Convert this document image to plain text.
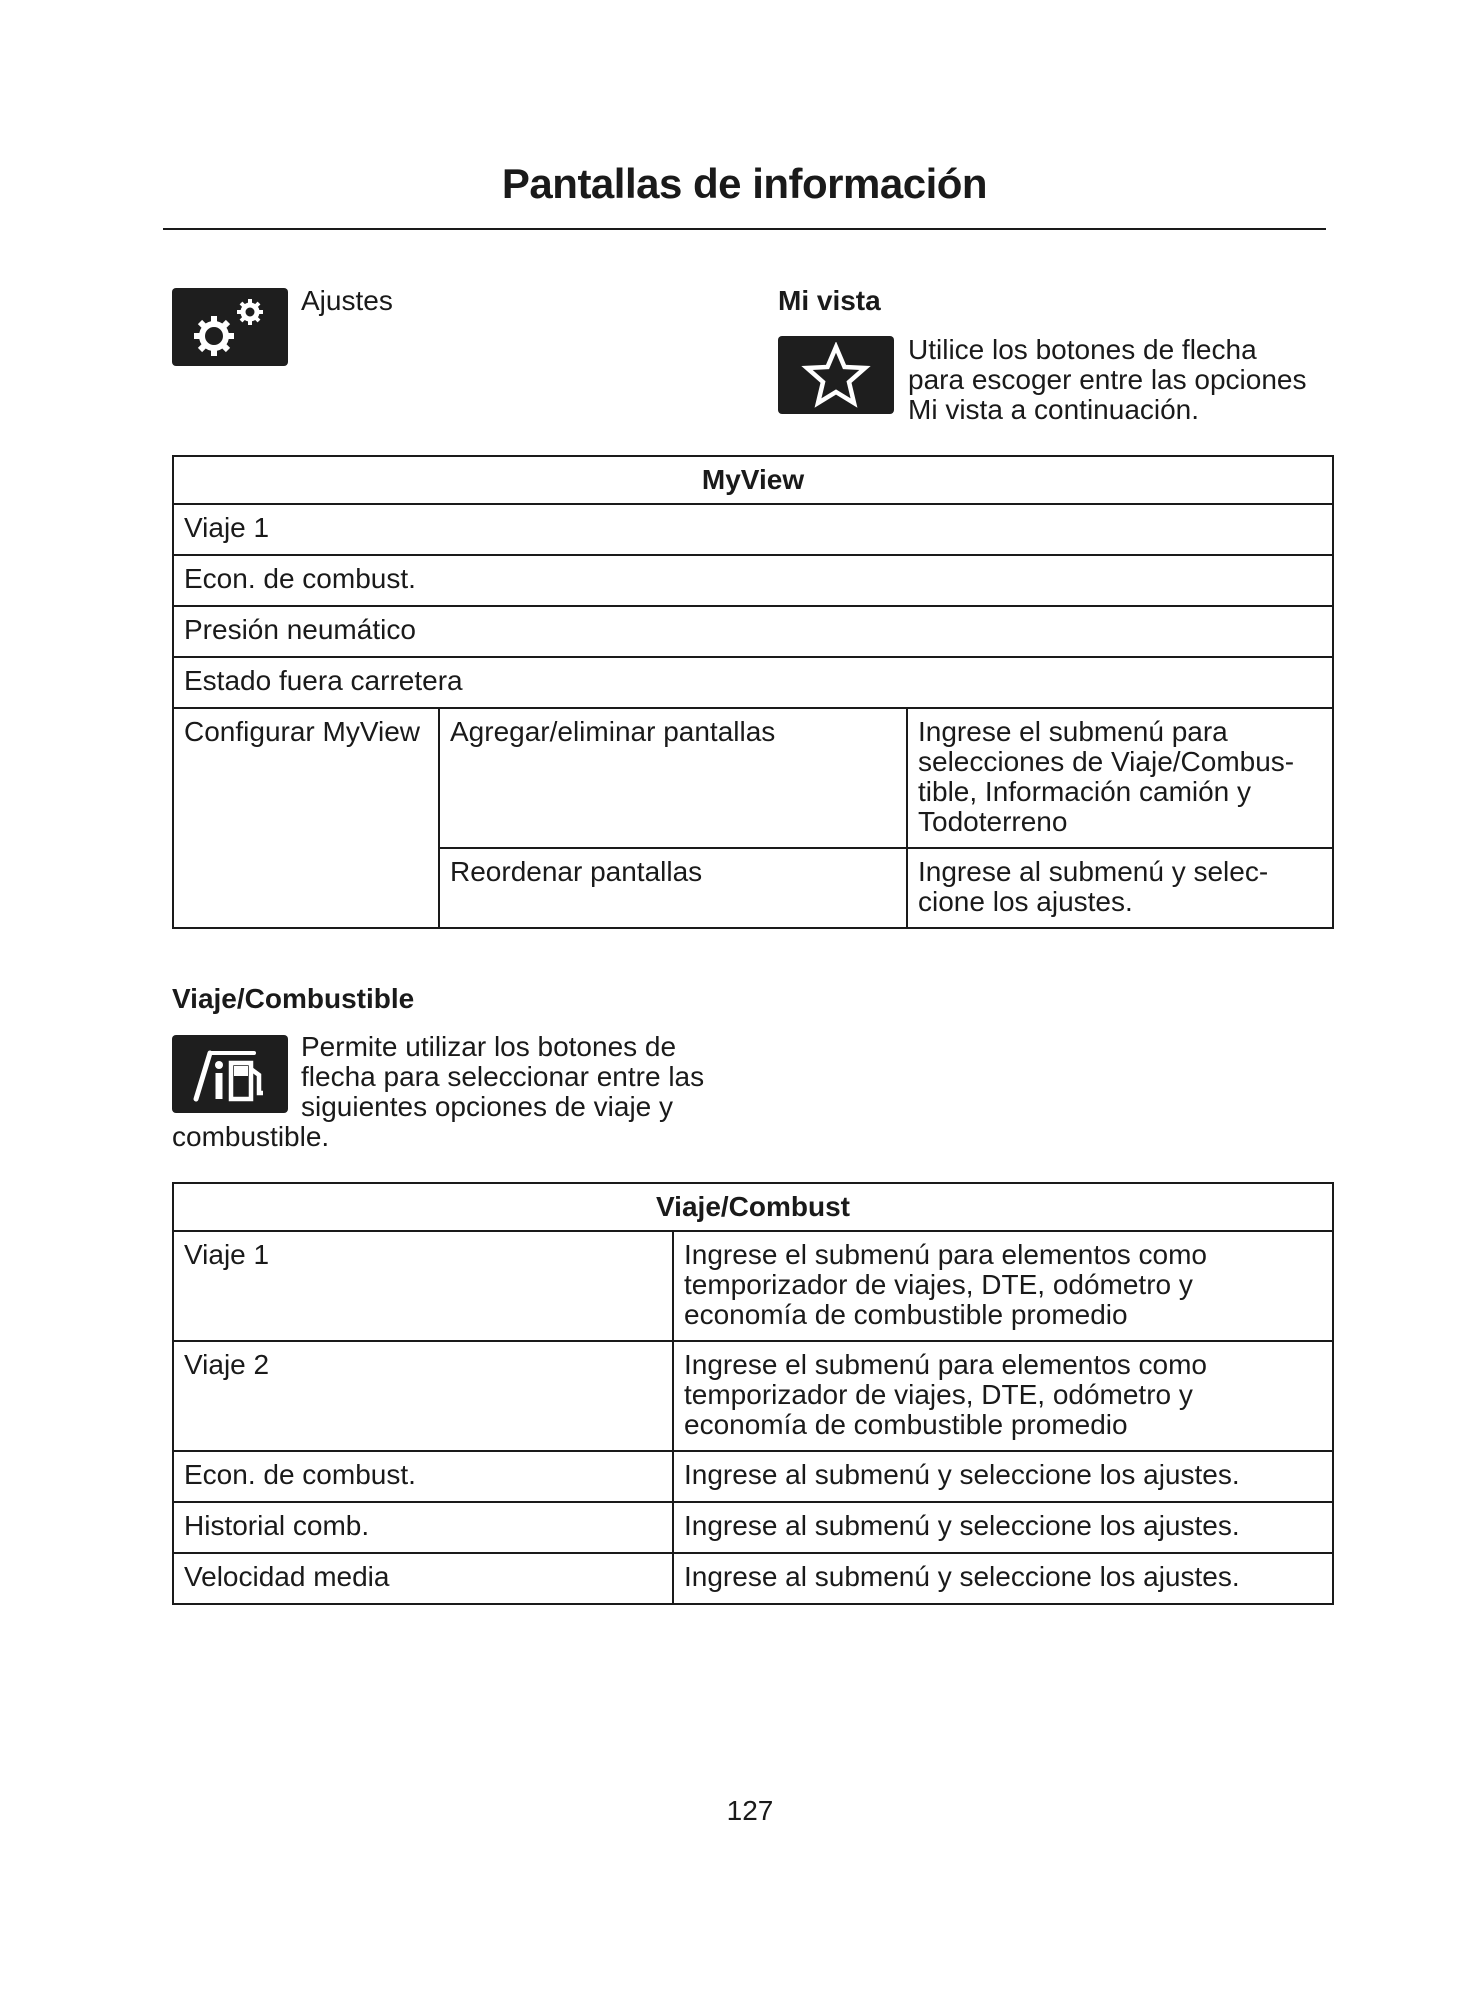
Pantallas de información
Ajustes	Mi vista
Utilice los botones de flecha
para escoger entre las opciones
Mi vista a continuación.
MyView		
Viaje 1		
Econ. de combust.		
Presión neumático		
Estado fuera carretera		
Configurar MyView	Agregar/eliminar pantallas	Ingrese el submenú para
selecciones de Viaje/Combus-
tible, Información camión y
Todoterreno

	Reordenar pantallas	Ingrese al submenú y selec-
cione los ajustes.
Viaje/Combustible
Permite utilizar los botones de
flecha para seleccionar entre las
siguientes opciones de viaje y
combustible.
Viaje/Combust	
Viaje 1	Ingrese el submenú para elementos como
temporizador de viajes, DTE, odómetro y
economía de combustible promedio

Viaje 2	Ingrese el submenú para elementos como
temporizador de viajes, DTE, odómetro y
economía de combustible promedio

Econ. de combust.	Ingrese al submenú y seleccione los ajustes.
Historial comb.	Ingrese al submenú y seleccione los ajustes.
Velocidad media	Ingrese al submenú y seleccione los ajustes.
127
